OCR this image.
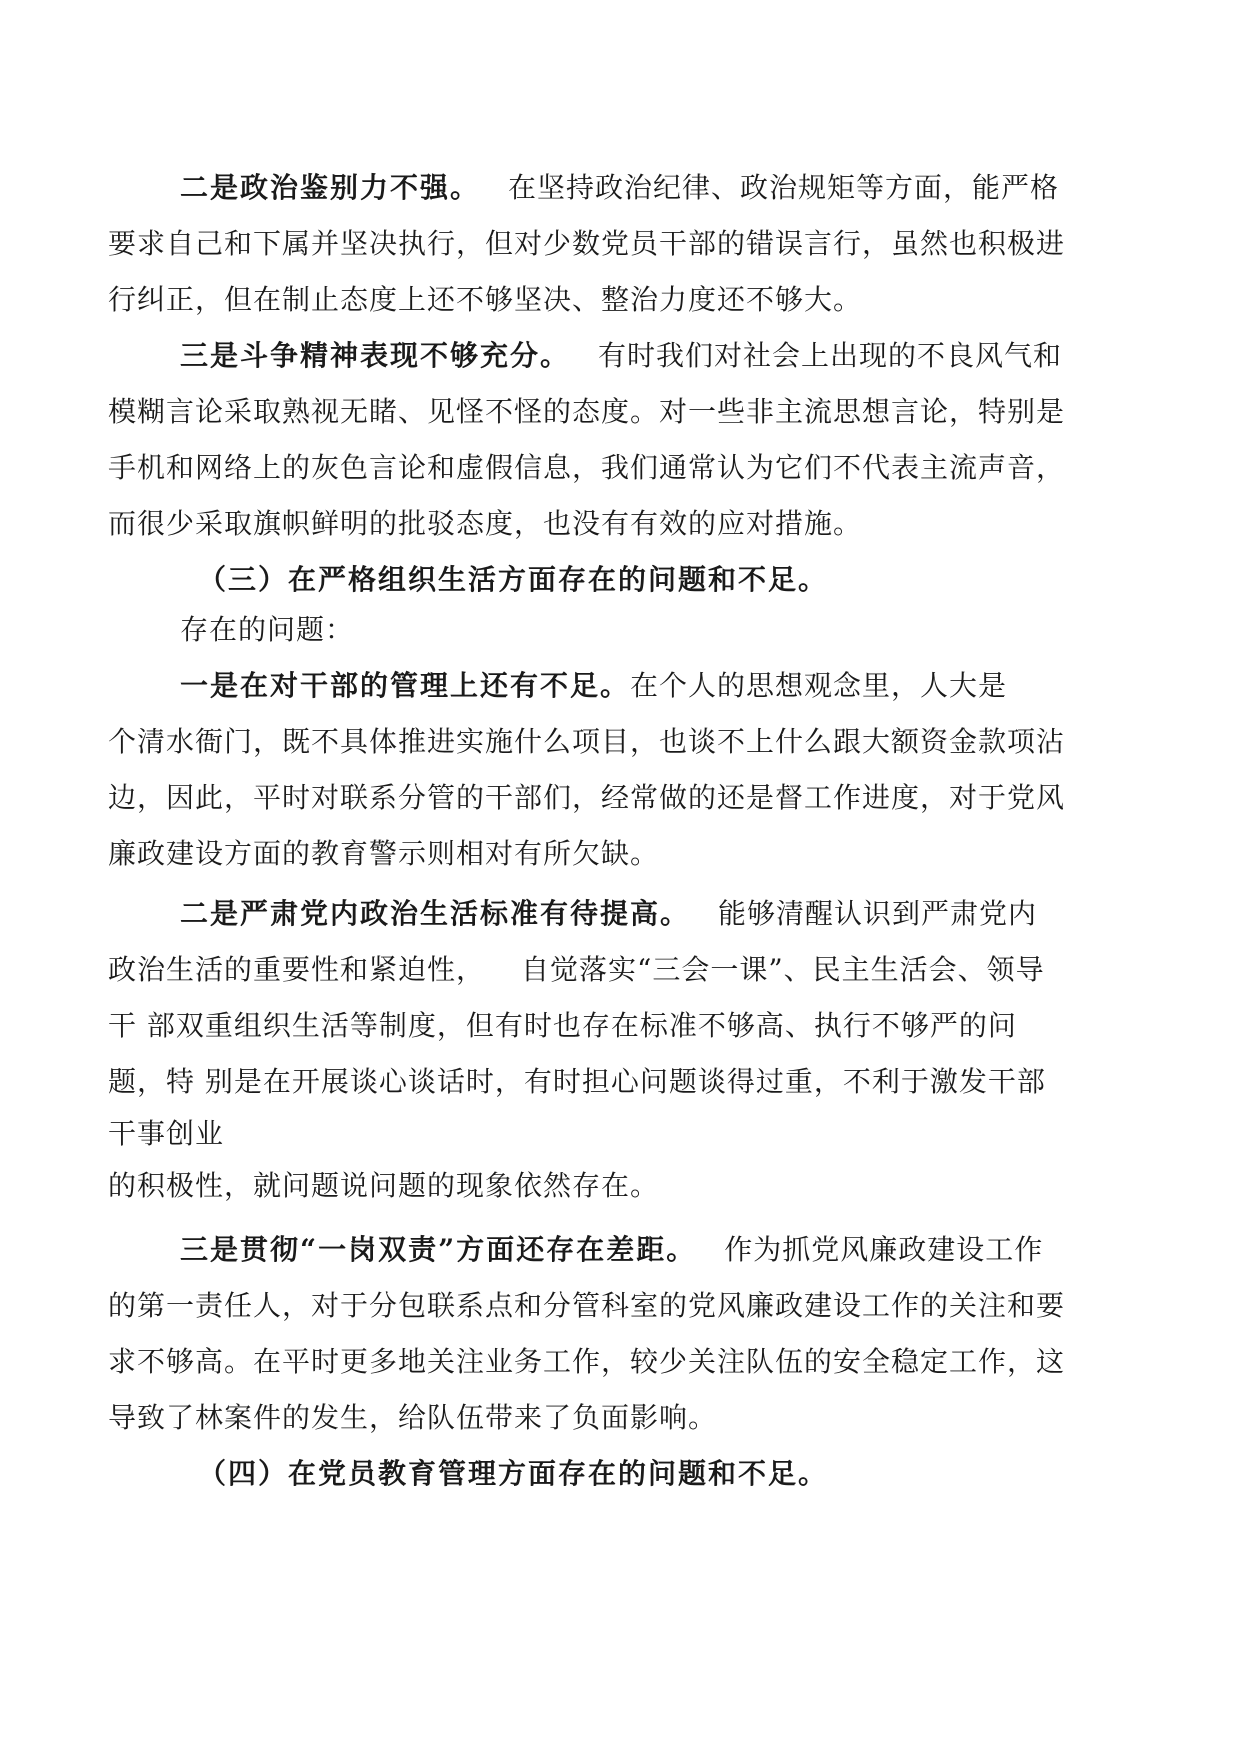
二是政治鉴别力不强。 在坚持政治纪律、政治规矩等方面，能严格
要求自己和下属并坚决执行，但对少数党员干部的错误言行，虽然也积极进
行纠正，但在制止态度上还不够坚决、整治力度还不够大。
三是斗争精神表现不够充分。 有时我们对社会上出现的不良风气和
模糊言论采取熟视无睹、见怪不怪的态度。对一些非主流思想言论，特别是
手机和网络上的灰色言论和虚假信息，我们通常认为它们不代表主流声音，
而很少采取旗帜鲜明的批驳态度，也没有有效的应对措施。
（三）在严格组织生活方面存在的问题和不足。
存在的问题：
一是在对干部的管理上还有不足。在个人的思想观念里，人大是
个清水衙门，既不具体推进实施什么项目，也谈不上什么跟大额资金款项沾
边，因此，平时对联系分管的干部们，经常做的还是督工作进度，对于党风
廉政建设方面的教育警示则相对有所欠缺。
二是严肃党内政治生活标准有待提高。 能够清醒认识到严肃党内
政治生活的重要性和紧迫性， 自觉落实“三会一课”、民主生活会、领导
干 部双重组织生活等制度，但有时也存在标准不够高、执行不够严的问
题，特 别是在开展谈心谈话时，有时担心问题谈得过重，不利于激发干部
干事创业
的积极性，就问题说问题的现象依然存在。
三是贯彻“一岗双责”方面还存在差距。 作为抓党风廉政建设工作
的第一责任人，对于分包联系点和分管科室的党风廉政建设工作的关注和要
求不够高。在平时更多地关注业务工作，较少关注队伍的安全稳定工作，这
导致了林案件的发生，给队伍带来了负面影响。
（四）在党员教育管理方面存在的问题和不足。
